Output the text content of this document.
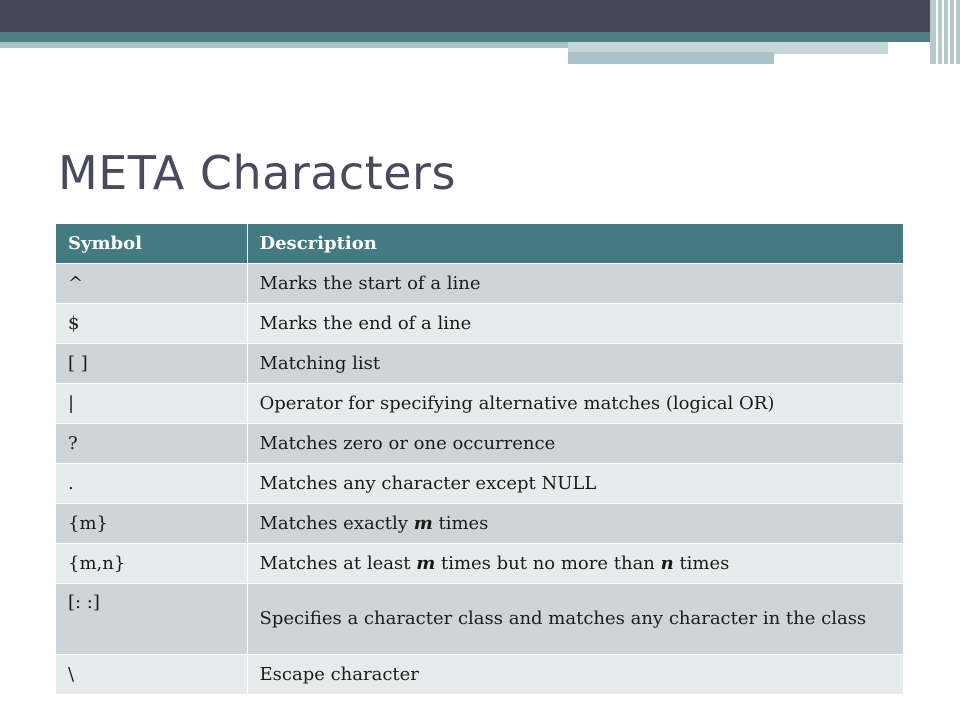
META Characters
Symbol	Description
^	Marks the start of a line
$	Marks the end of a line
[ ]	Matching list
|	Operator for specifying alternative matches (logical OR)
?	Matches zero or one occurrence
.	Matches any character except NULL
{m}	Matches exactly m times
{m,n}	Matches at least m times but no more than n times
[: :]	Specifies a character class and matches any character in the class
\	Escape character
